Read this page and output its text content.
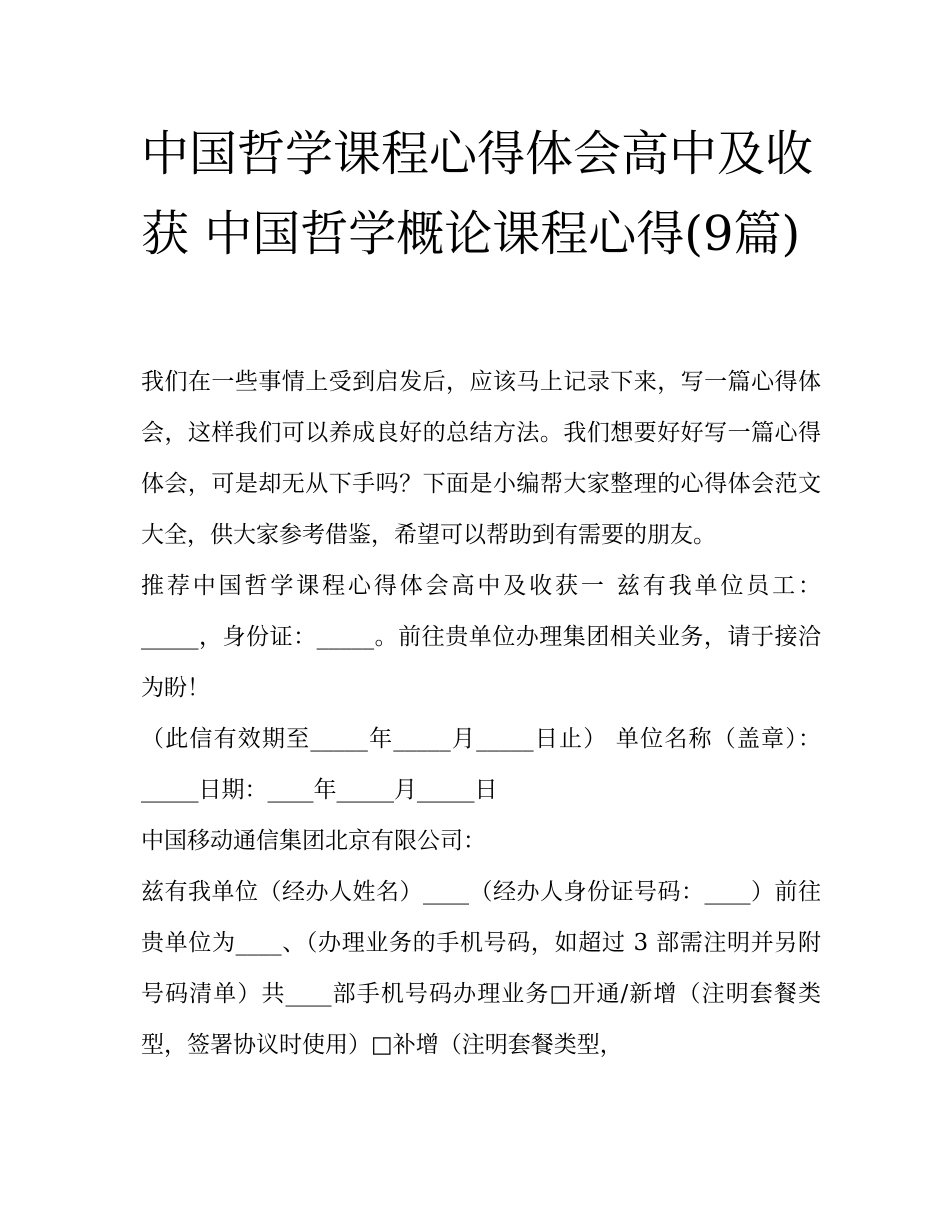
中国哲学课程心得体会高中及收获 中国哲学概论课程心得(9篇)

我们在一些事情上受到启发后，应该马上记录下来，写一篇心得体会，这样我们可以养成良好的总结方法。我们想要好好写一篇心得体会，可是却无从下手吗？下面是小编帮大家整理的心得体会范文大全，供大家参考借鉴，希望可以帮助到有需要的朋友。

推荐中国哲学课程心得体会高中及收获一 兹有我单位员工：_____，身份证：_____。前往贵单位办理集团相关业务，请于接洽为盼！

（此信有效期至_____年_____月_____日止） 单位名称（盖章）：_____日期：____年_____月_____日

中国移动通信集团北京有限公司：

兹有我单位（经办人姓名）____（经办人身份证号码：____）前往贵单位为____、（办理业务的手机号码，如超过 3 部需注明并另附号码清单）共____部手机号码办理业务□开通/新增（注明套餐类型，签署协议时使用）□补增（注明套餐类型，
